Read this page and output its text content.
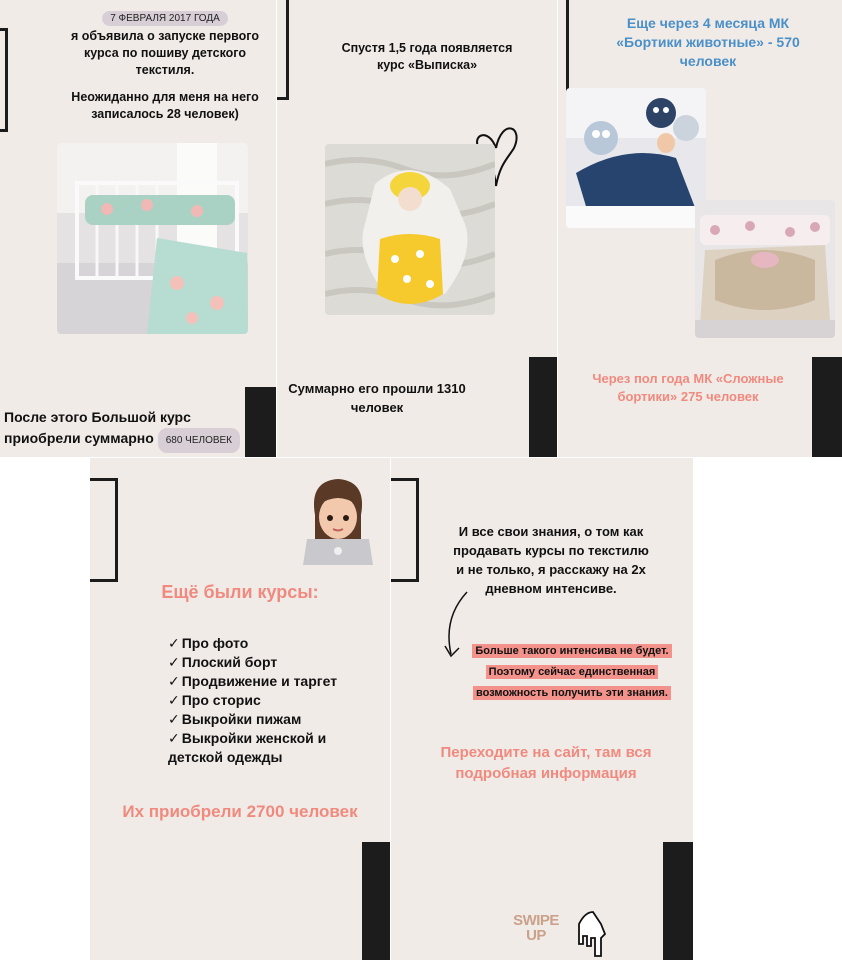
7 ФЕВРАЛЯ 2017 ГОДА
я объявила о запуске первого
курса по пошиву детского
текстиля.
Неожиданно для меня на него
записалось 28 человек)
После этого Большой курс
приобрели суммарно 680 ЧЕЛОВЕК
Спустя 1,5 года появляется
курс «Выписка»
Суммарно его прошли 1310
человек
Еще через 4 месяца МК
«Бортики животные» - 570
человек
Через пол года МК «Сложные
бортики» 275 человек
Ещё были курсы:
✓ Про фото
✓ Плоский борт
✓ Продвижение и таргет
✓ Про сторис
✓ Выкройки пижам
✓ Выкройки женской и
детской одежды
Их приобрели 2700 человек
И все свои знания, о том как
продавать курсы по текстилю
и не только, я расскажу на 2х
дневном интенсиве.
Больше такого интенсива не будет.
Поэтому сейчас единственная
возможность получить эти знания.
Переходите на сайт, там вся
подробная информация
SWIPE
UP
